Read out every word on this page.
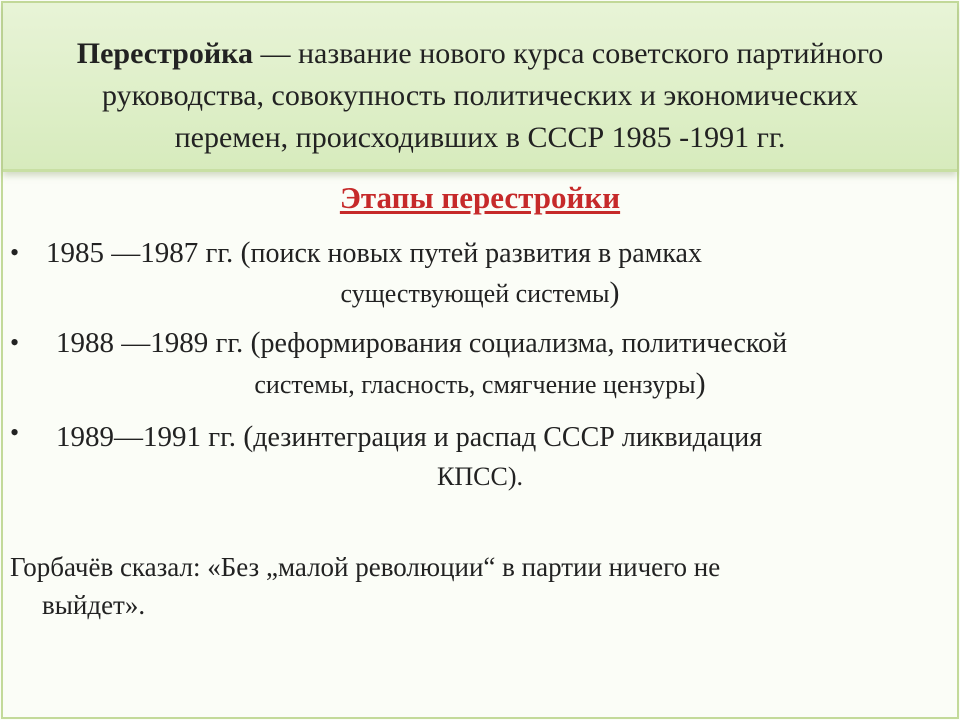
Перестройка — название нового курса советского партийного
руководства, совокупность политических и экономических
перемен, происходивших в СССР 1985 -1991 гг.
Этапы перестройки
• 1985 —1987 гг. (поиск новых путей развития в рамках
существующей системы)
• 1988 —1989 гг. (реформирования социализма, политической
системы, гласность, смягчение цензуры)
• 1989—1991 гг. (дезинтеграция и распад СССР ликвидация
КПСС).
Горбачёв сказал: «Без „малой революции“ в партии ничего не
выйдет».
